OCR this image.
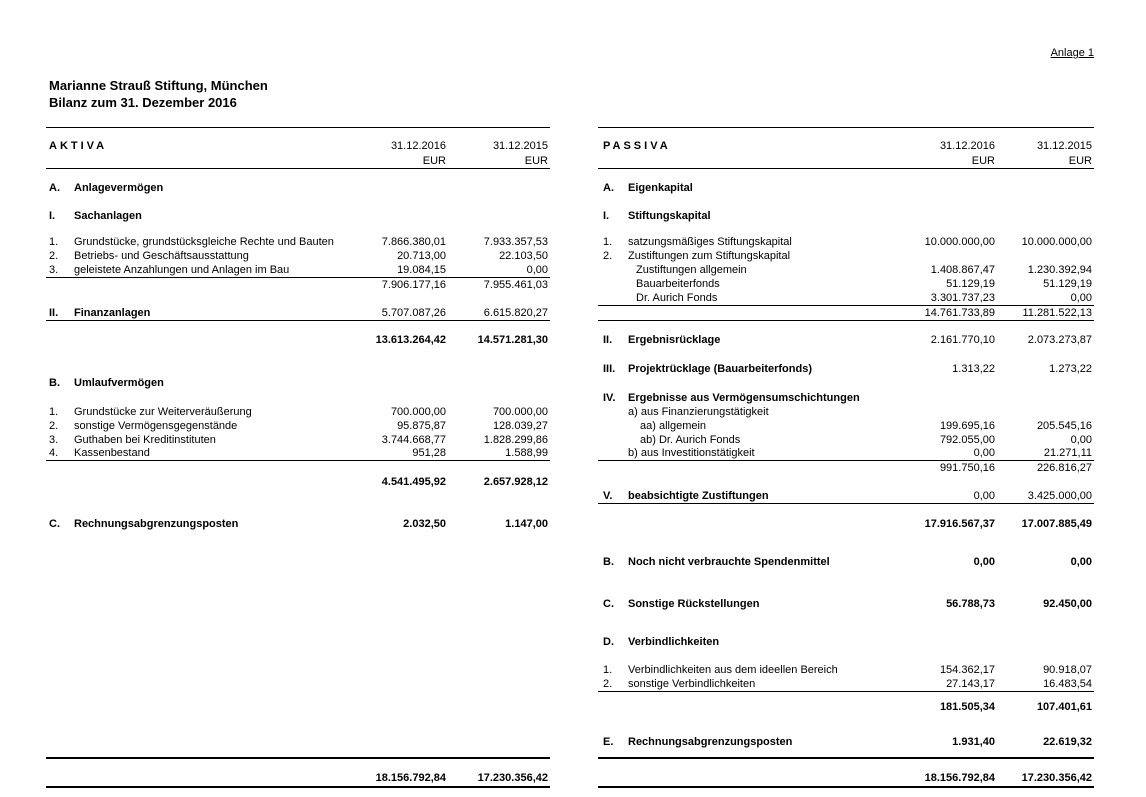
Anlage 1
Marianne Strauß Stiftung, München
Bilanz zum 31. Dezember 2016
AKTIVA	31.12.2016	31.12.2015
EUR	EUR
A. Anlagevermögen
I. Sachanlagen
1. Grundstücke, grundstücksgleiche Rechte und Bauten	7.866.380,01	7.933.357,53
2. Betriebs- und Geschäftsausstattung	20.713,00	22.103,50
3. geleistete Anzahlungen und Anlagen im Bau	19.084,15	0,00
7.906.177,16	7.955.461,03
II. Finanzanlagen	5.707.087,26	6.615.820,27
13.613.264,42	14.571.281,30
B. Umlaufvermögen
1. Grundstücke zur Weiterveräußerung	700.000,00	700.000,00
2. sonstige Vermögensgegenstände	95.875,87	128.039,27
3. Guthaben bei Kreditinstituten	3.744.668,77	1.828.299,86
4. Kassenbestand	951,28	1.588,99
4.541.495,92	2.657.928,12
C. Rechnungsabgrenzungsposten	2.032,50	1.147,00
18.156.792,84	17.230.356,42
PASSIVA	31.12.2016	31.12.2015
EUR	EUR
A. Eigenkapital
I. Stiftungskapital
1. satzungsmäßiges Stiftungskapital	10.000.000,00	10.000.000,00
2. Zustiftungen zum Stiftungskapital
Zustiftungen allgemein	1.408.867,47	1.230.392,94
Bauarbeiterfonds	51.129,19	51.129,19
Dr. Aurich Fonds	3.301.737,23	0,00
14.761.733,89	11.281.522,13
II. Ergebnisrücklage	2.161.770,10	2.073.273,87
III. Projektrücklage (Bauarbeiterfonds)	1.313,22	1.273,22
IV. Ergebnisse aus Vermögensumschichtungen
a) aus Finanzierungstätigkeit
aa) allgemein	199.695,16	205.545,16
ab) Dr. Aurich Fonds	792.055,00	0,00
b) aus Investitionstätigkeit	0,00	21.271,11
991.750,16	226.816,27
V. beabsichtigte Zustiftungen	0,00	3.425.000,00
17.916.567,37	17.007.885,49
B. Noch nicht verbrauchte Spendenmittel	0,00	0,00
C. Sonstige Rückstellungen	56.788,73	92.450,00
D. Verbindlichkeiten
1. Verbindlichkeiten aus dem ideellen Bereich	154.362,17	90.918,07
2. sonstige Verbindlichkeiten	27.143,17	16.483,54
181.505,34	107.401,61
E. Rechnungsabgrenzungsposten	1.931,40	22.619,32
18.156.792,84	17.230.356,42
